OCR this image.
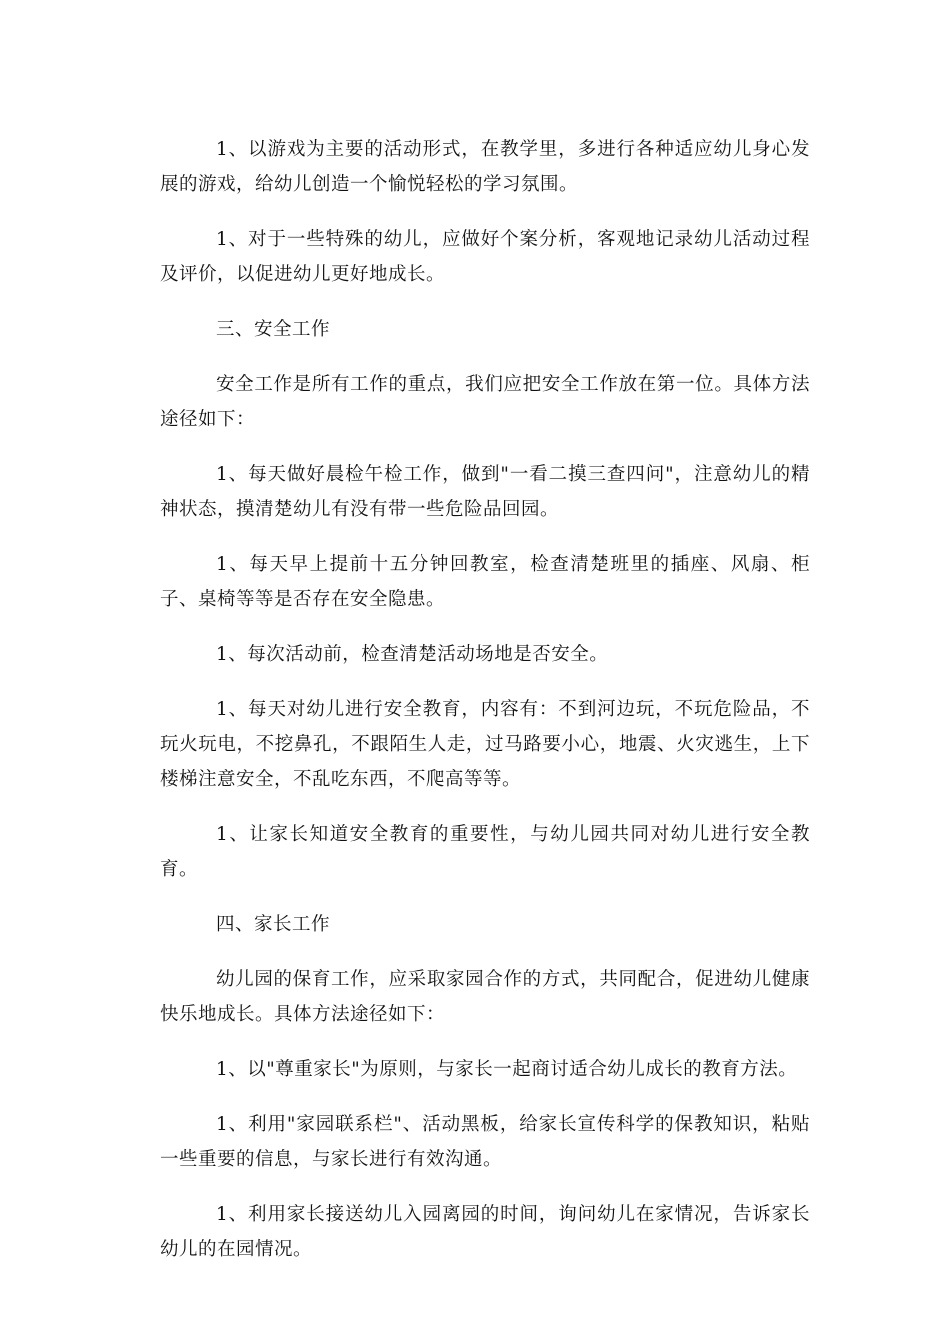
1、以游戏为主要的活动形式，在教学里，多进行各种适应幼儿身心发展的游戏，给幼儿创造一个愉悦轻松的学习氛围。

1、对于一些特殊的幼儿，应做好个案分析，客观地记录幼儿活动过程及评价，以促进幼儿更好地成长。

三、安全工作

安全工作是所有工作的重点，我们应把安全工作放在第一位。具体方法途径如下：

1、每天做好晨检午检工作，做到"一看二摸三查四问"，注意幼儿的精神状态，摸清楚幼儿有没有带一些危险品回园。

1、每天早上提前十五分钟回教室，检查清楚班里的插座、风扇、柜子、桌椅等等是否存在安全隐患。

1、每次活动前，检查清楚活动场地是否安全。

1、每天对幼儿进行安全教育，内容有：不到河边玩，不玩危险品，不玩火玩电，不挖鼻孔，不跟陌生人走，过马路要小心，地震、火灾逃生，上下楼梯注意安全，不乱吃东西，不爬高等等。

1、让家长知道安全教育的重要性，与幼儿园共同对幼儿进行安全教育。

四、家长工作

幼儿园的保育工作，应采取家园合作的方式，共同配合，促进幼儿健康快乐地成长。具体方法途径如下：

1、以"尊重家长"为原则，与家长一起商讨适合幼儿成长的教育方法。

1、利用"家园联系栏"、活动黑板，给家长宣传科学的保教知识，粘贴一些重要的信息，与家长进行有效沟通。

1、利用家长接送幼儿入园离园的时间，询问幼儿在家情况，告诉家长幼儿的在园情况。
